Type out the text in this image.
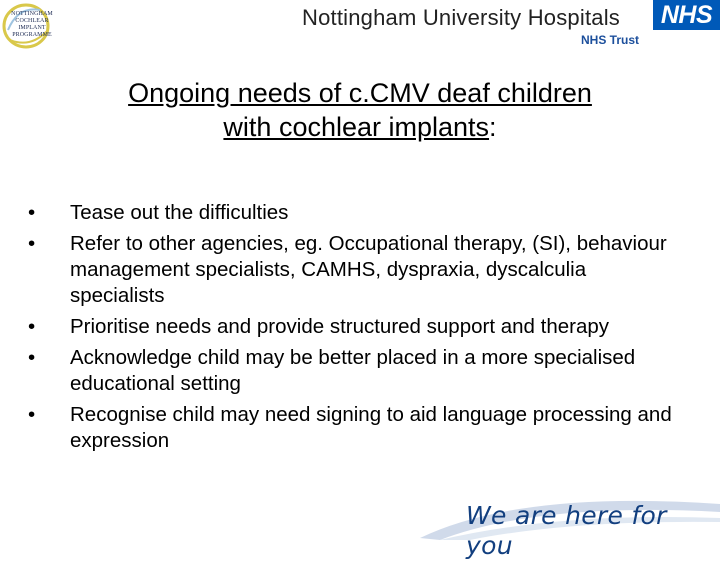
NOTTINGHAM
COCHLEAR IMPLANT
PROGRAMME
Nottingham University Hospitals
NHS Trust
NHS
Ongoing needs of c.CMV deaf children
with cochlear implants:
•	Tease out the difficulties
•	Refer to other agencies, eg. Occupational therapy, (SI), behaviour management specialists, CAMHS, dyspraxia, dyscalculia specialists
•	Prioritise needs and provide structured support and therapy
•	Acknowledge child may be better placed in a more specialised educational setting
•	Recognise child may need signing to aid language processing and expression
We are here for you
